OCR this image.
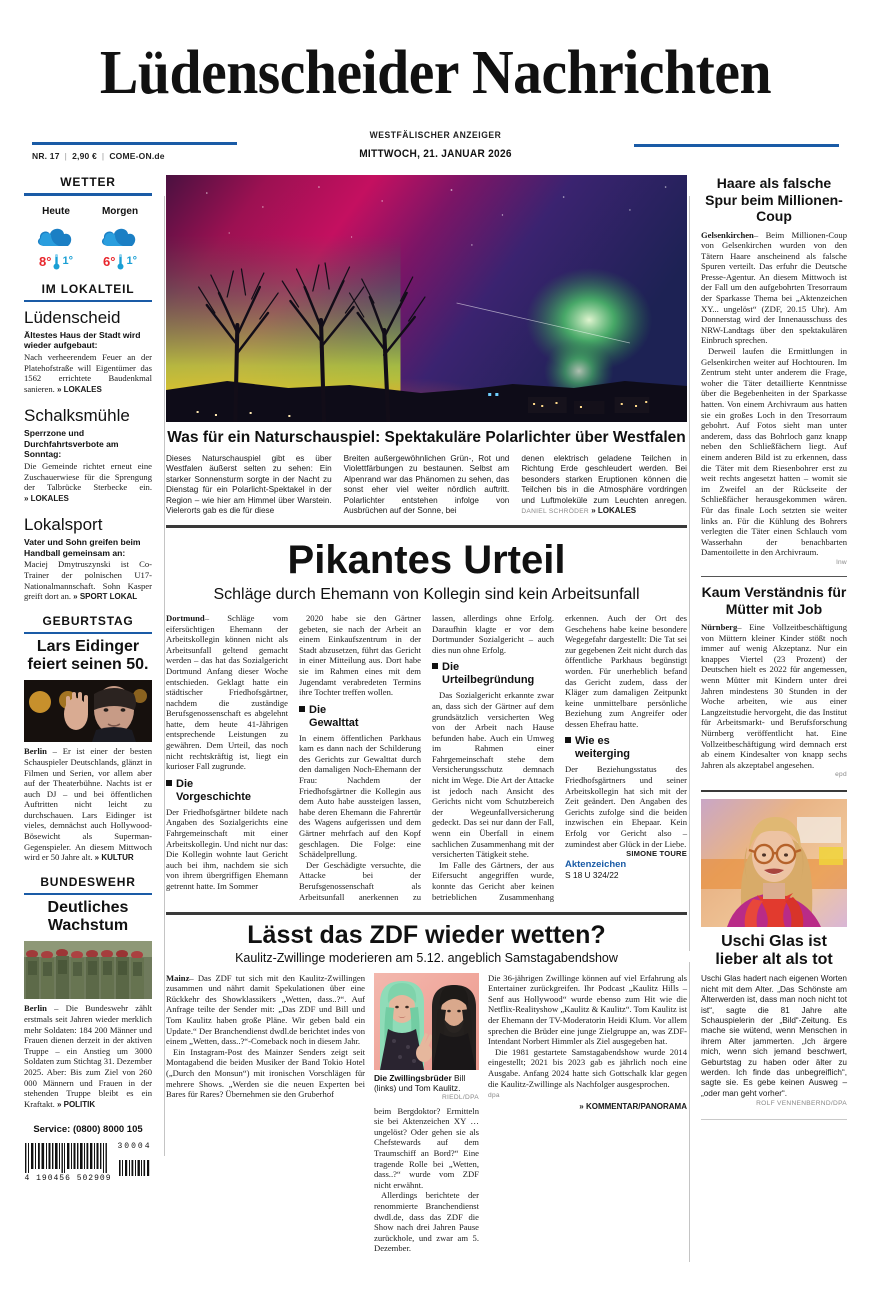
Lüdenscheider Nachrichten
NR. 17 | 2,90 € | COME-ON.de
WESTFÄLISCHER ANZEIGER
MITTWOCH, 21. JANUAR 2026
WETTER
Heute
8° 1°
Morgen
6° 1°
IM LOKALTEIL
Lüdenscheid
Ältestes Haus der Stadt wird wieder aufgebaut:
Nach verheerendem Feuer an der Platehofstraße will Eigentümer das 1562 errichtete Baudenkmal sanieren. » LOKALES
Schalksmühle
Sperrzone und Durchfahrtsverbote am Sonntag:
Die Gemeinde richtet erneut eine Zuschauerwiese für die Sprengung der Talbrücke Sterbecke ein. » LOKALES
Lokalsport
Vater und Sohn greifen beim Handball gemeinsam an:
Maciej Dmytruszynski ist Co-Trainer der polnischen U17-Nationalmannschaft. Sohn Kasper greift dort an. » SPORT LOKAL
GEBURTSTAG
Lars Eidinger feiert seinen 50.
Berlin – Er ist einer der besten Schauspieler Deutschlands, glänzt in Filmen und Serien, vor allem aber auf der Theaterbühne. Nachts ist er auch DJ – und bei öffentlichen Auftritten nicht leicht zu durchschauen. Lars Eidinger ist vieles, demnächst auch Hollywood-Bösewicht als Superman-Gegenspieler. An diesem Mittwoch wird er 50 Jahre alt. » KULTUR
BUNDESWEHR
Deutliches Wachstum
Berlin – Die Bundeswehr zählt erstmals seit Jahren wieder merklich mehr Soldaten: 184 200 Männer und Frauen dienen derzeit in der aktiven Truppe – ein Anstieg um 3000 Soldaten zum Stichtag 31. Dezember 2025. Aber: Bis zum Ziel von 260 000 Männern und Frauen in der stehenden Truppe bleibt es ein Kraftakt. » POLITIK
Service: (0800) 8000 105
4 190456 502909
30004
Was für ein Naturschauspiel: Spektakuläre Polarlichter über Westfalen
Dieses Naturschauspiel gibt es über Westfalen äußerst selten zu sehen: Ein starker Sonnensturm sorgte in der Nacht zu Dienstag für ein Polarlicht-Spektakel in der Region – wie hier am Himmel über Warstein. Vielerorts gab es die für diese
Breiten außergewöhnlichen Grün-, Rot und Violettfärbungen zu bestaunen. Selbst am Alpenrand war das Phänomen zu sehen, das sonst eher viel weiter nördlich auftritt. Polarlichter entstehen infolge von Ausbrüchen auf der Sonne, bei
denen elektrisch geladene Teilchen in Richtung Erde geschleudert werden. Bei besonders starken Eruptionen können die Teilchen bis in die Atmosphäre vordringen und Luftmoleküle zum Leuchten anregen. DANIEL SCHRÖDER » LOKALES
Pikantes Urteil
Schläge durch Ehemann von Kollegin sind kein Arbeitsunfall
Dortmund– Schläge vom eifersüchtigen Ehemann der Arbeitskollegin können nicht als Arbeitsunfall geltend gemacht werden – das hat das Sozialgericht Dortmund Anfang dieser Woche entschieden. Geklagt hatte ein städtischer Friedhofsgärtner, nachdem die zuständige Berufsgenossenschaft es abgelehnt hatte, dem heute 41-Jährigen entsprechende Leistungen zu gewähren. Dem Urteil, das noch nicht rechtskräftig ist, liegt ein kurioser Fall zugrunde.
Die
Vorgeschichte
Der Friedhofsgärtner bildete nach Angaben des Sozialgerichts eine Fahrgemeinschaft mit einer Arbeitskollegin. Und nicht nur das: Die Kollegin wohnte laut Gericht auch bei ihm, nachdem sie sich von ihrem übergriffigen Ehemann getrennt hatte. Im Sommer
2020 habe sie den Gärtner gebeten, sie nach der Arbeit an einem Einkaufszentrum in der Stadt abzusetzen, führt das Gericht in einer Mitteilung aus. Dort habe sie im Rahmen eines mit dem Jugendamt verabredeten Termins ihre Tochter treffen wollen.
Die
Gewalttat
In einem öffentlichen Parkhaus kam es dann nach der Schilderung des Gerichts zur Gewalttat durch den damaligen Noch-Ehemann der Frau: Nachdem der Friedhofsgärtner die Kollegin aus dem Auto habe aussteigen lassen, habe deren Ehemann die Fahrertür des Wagens aufgerissen und dem Gärtner mehrfach auf den Kopf geschlagen. Die Folge: eine Schädelprellung.
Der Geschädigte versuchte, die Attacke bei der Berufsgenossenschaft als Arbeitsunfall anerkennen zu lassen, allerdings ohne Erfolg. Daraufhin klagte er vor dem Dortmunder Sozialgericht – auch dies nun ohne Erfolg.
Die
Urteilbegründung
Das Sozialgericht erkannte zwar an, dass sich der Gärtner auf dem grundsätzlich versicherten Weg von der Arbeit nach Hause befunden habe. Auch ein Umweg im Rahmen einer Fahrgemeinschaft stehe dem Versicherungsschutz demnach nicht im Wege. Die Art der Attacke ist jedoch nach Ansicht des Gerichts nicht vom Schutzbereich der Wegeunfallversicherung gedeckt. Das sei nur dann der Fall, wenn ein Überfall in einem sachlichen Zusammenhang mit der versicherten Tätigkeit stehe.
Im Falle des Gärtners, der aus Eifersucht angegriffen wurde, konnte das Gericht aber keinen betrieblichen Zusammenhang erkennen. Auch der Ort des Geschehens habe keine besondere Wegegefahr dargestellt: Die Tat sei zur gegebenen Zeit nicht durch das öffentliche Parkhaus begünstigt worden. Für unerheblich befand das Gericht zudem, dass der Kläger zum damaligen Zeitpunkt keine unmittelbare persönliche Beziehung zum Angreifer oder dessen Ehefrau hatte.
Wie es
weiterging
Der Beziehungsstatus des Friedhofsgärtners und seiner Arbeitskollegin hat sich mit der Zeit geändert. Den Angaben des Gerichts zufolge sind die beiden inzwischen ein Ehepaar. Kein Erfolg vor Gericht also – zumindest aber Glück in der Liebe.
SIMONE TOURE
Aktenzeichen
S 18 U 324/22
Lässt das ZDF wieder wetten?
Kaulitz-Zwillinge moderieren am 5.12. angeblich Samstagabendshow
Mainz– Das ZDF tut sich mit den Kaulitz-Zwillingen zusammen und nährt damit Spekulationen über eine Rückkehr des Showklassikers „Wetten, dass..?“. Auf Anfrage teilte der Sender mit: „Das ZDF und Bill und Tom Kaulitz haben große Pläne. Wir geben bald ein Update.“ Der Branchendienst dwdl.de berichtet indes von einem „Wetten, dass..?“-Comeback noch in diesem Jahr.
Ein Instagram-Post des Mainzer Senders zeigt seit Montagabend die beiden Musiker der Band Tokio Hotel („Durch den Monsun“) mit ironischen Vorschlägen für mehrere Shows. „Werden sie die neuen Experten bei Bares für Rares? Übernehmen sie den Gruberhof
Die Zwillingsbrüder Bill (links) und Tom Kaulitz.
RIEDL/DPA
beim Bergdoktor? Ermitteln sie bei Aktenzeichen XY … ungelöst? Oder gehen sie als Chefstewards auf dem Traumschiff an Bord?“ Eine tragende Rolle bei „Wetten, dass..?“ wurde vom ZDF nicht erwähnt.
Allerdings berichtete der renommierte Branchendienst dwdl.de, dass das ZDF die Show nach drei Jahren Pause zurückhole, und zwar am 5. Dezember.
Die 36-jährigen Zwillinge können auf viel Erfahrung als Entertainer zurückgreifen. Ihr Podcast „Kaulitz Hills – Senf aus Hollywood“ wurde ebenso zum Hit wie die Netflix-Realityshow „Kaulitz & Kaulitz“. Tom Kaulitz ist der Ehemann der TV-Moderatorin Heidi Klum. Vor allem sprechen die Brüder eine junge Zielgruppe an, was ZDF-Intendant Norbert Himmler als Ziel ausgegeben hat.
Die 1981 gestartete Samstagabendshow wurde 2014 eingestellt; 2021 bis 2023 gab es jährlich noch eine Ausgabe. Anfang 2024 hatte sich Gottschalk klar gegen die Kaulitz-Zwillinge als Nachfolger ausgesprochen.
dpa
» KOMMENTAR/PANORAMA
Haare als falsche Spur beim Millionen-Coup
Gelsenkirchen– Beim Millionen-Coup von Gelsenkirchen wurden von den Tätern Haare anscheinend als falsche Spuren verteilt. Das erfuhr die Deutsche Presse-Agentur. An diesem Mittwoch ist der Fall um den aufgebohrten Tresorraum der Sparkasse Thema bei „Aktenzeichen XY... ungelöst“ (ZDF, 20.15 Uhr). Am Donnerstag wird der Innenausschuss des NRW-Landtags über den spektakulären Einbruch sprechen.
Derweil laufen die Ermittlungen in Gelsenkirchen weiter auf Hochtouren. Im Zentrum steht unter anderem die Frage, woher die Täter detaillierte Kenntnisse über die Begebenheiten in der Sparkasse hatten. Von einem Archivraum aus hatten sie ein großes Loch in den Tresorraum gebohrt. Auf Fotos sieht man unter anderem, dass das Bohrloch ganz knapp neben den Schließfächern liegt. Auf einem anderen Bild ist zu erkennen, dass die Täter mit dem Riesenbohrer erst zu weit rechts angesetzt hatten – womit sie im Zweifel an der Rückseite der Schließfächer herausgekommen wären. Für das finale Loch setzten sie weiter links an. Für die Kühlung des Bohrers verlegten die Täter einen Schlauch vom Wasserhahn der benachbarten Damentoilette in den Archivraum.
lnw
Kaum Verständnis für Mütter mit Job
Nürnberg– Eine Vollzeitbeschäftigung von Müttern kleiner Kinder stößt noch immer auf wenig Akzeptanz. Nur ein knappes Viertel (23 Prozent) der Deutschen hielt es 2022 für angemessen, wenn Mütter mit Kindern unter drei Jahren mindestens 30 Stunden in der Woche arbeiten, wie aus einer Langzeitstudie hervorgeht, die das Institut für Arbeitsmarkt- und Berufsforschung Nürnberg veröffentlicht hat. Eine Vollzeitbeschäftigung wird demnach erst ab einem Kindesalter von knapp sechs Jahren als akzeptabel angesehen.
epd
Uschi Glas ist lieber alt als tot
Uschi Glas hadert nach eigenen Worten nicht mit dem Alter. „Das Schönste am Älterwerden ist, dass man noch nicht tot ist“, sagte die 81 Jahre alte Schauspielerin der „Bild“-Zeitung. Es mache sie wütend, wenn Menschen in ihrem Alter jammerten. „Ich ärgere mich, wenn sich jemand beschwert, Geburtstag zu haben oder älter zu werden. Ich finde das unbegreiflich“, sagte sie. Es gebe keinen Ausweg – „oder man geht vorher“.
ROLF VENNENBERND/DPA
